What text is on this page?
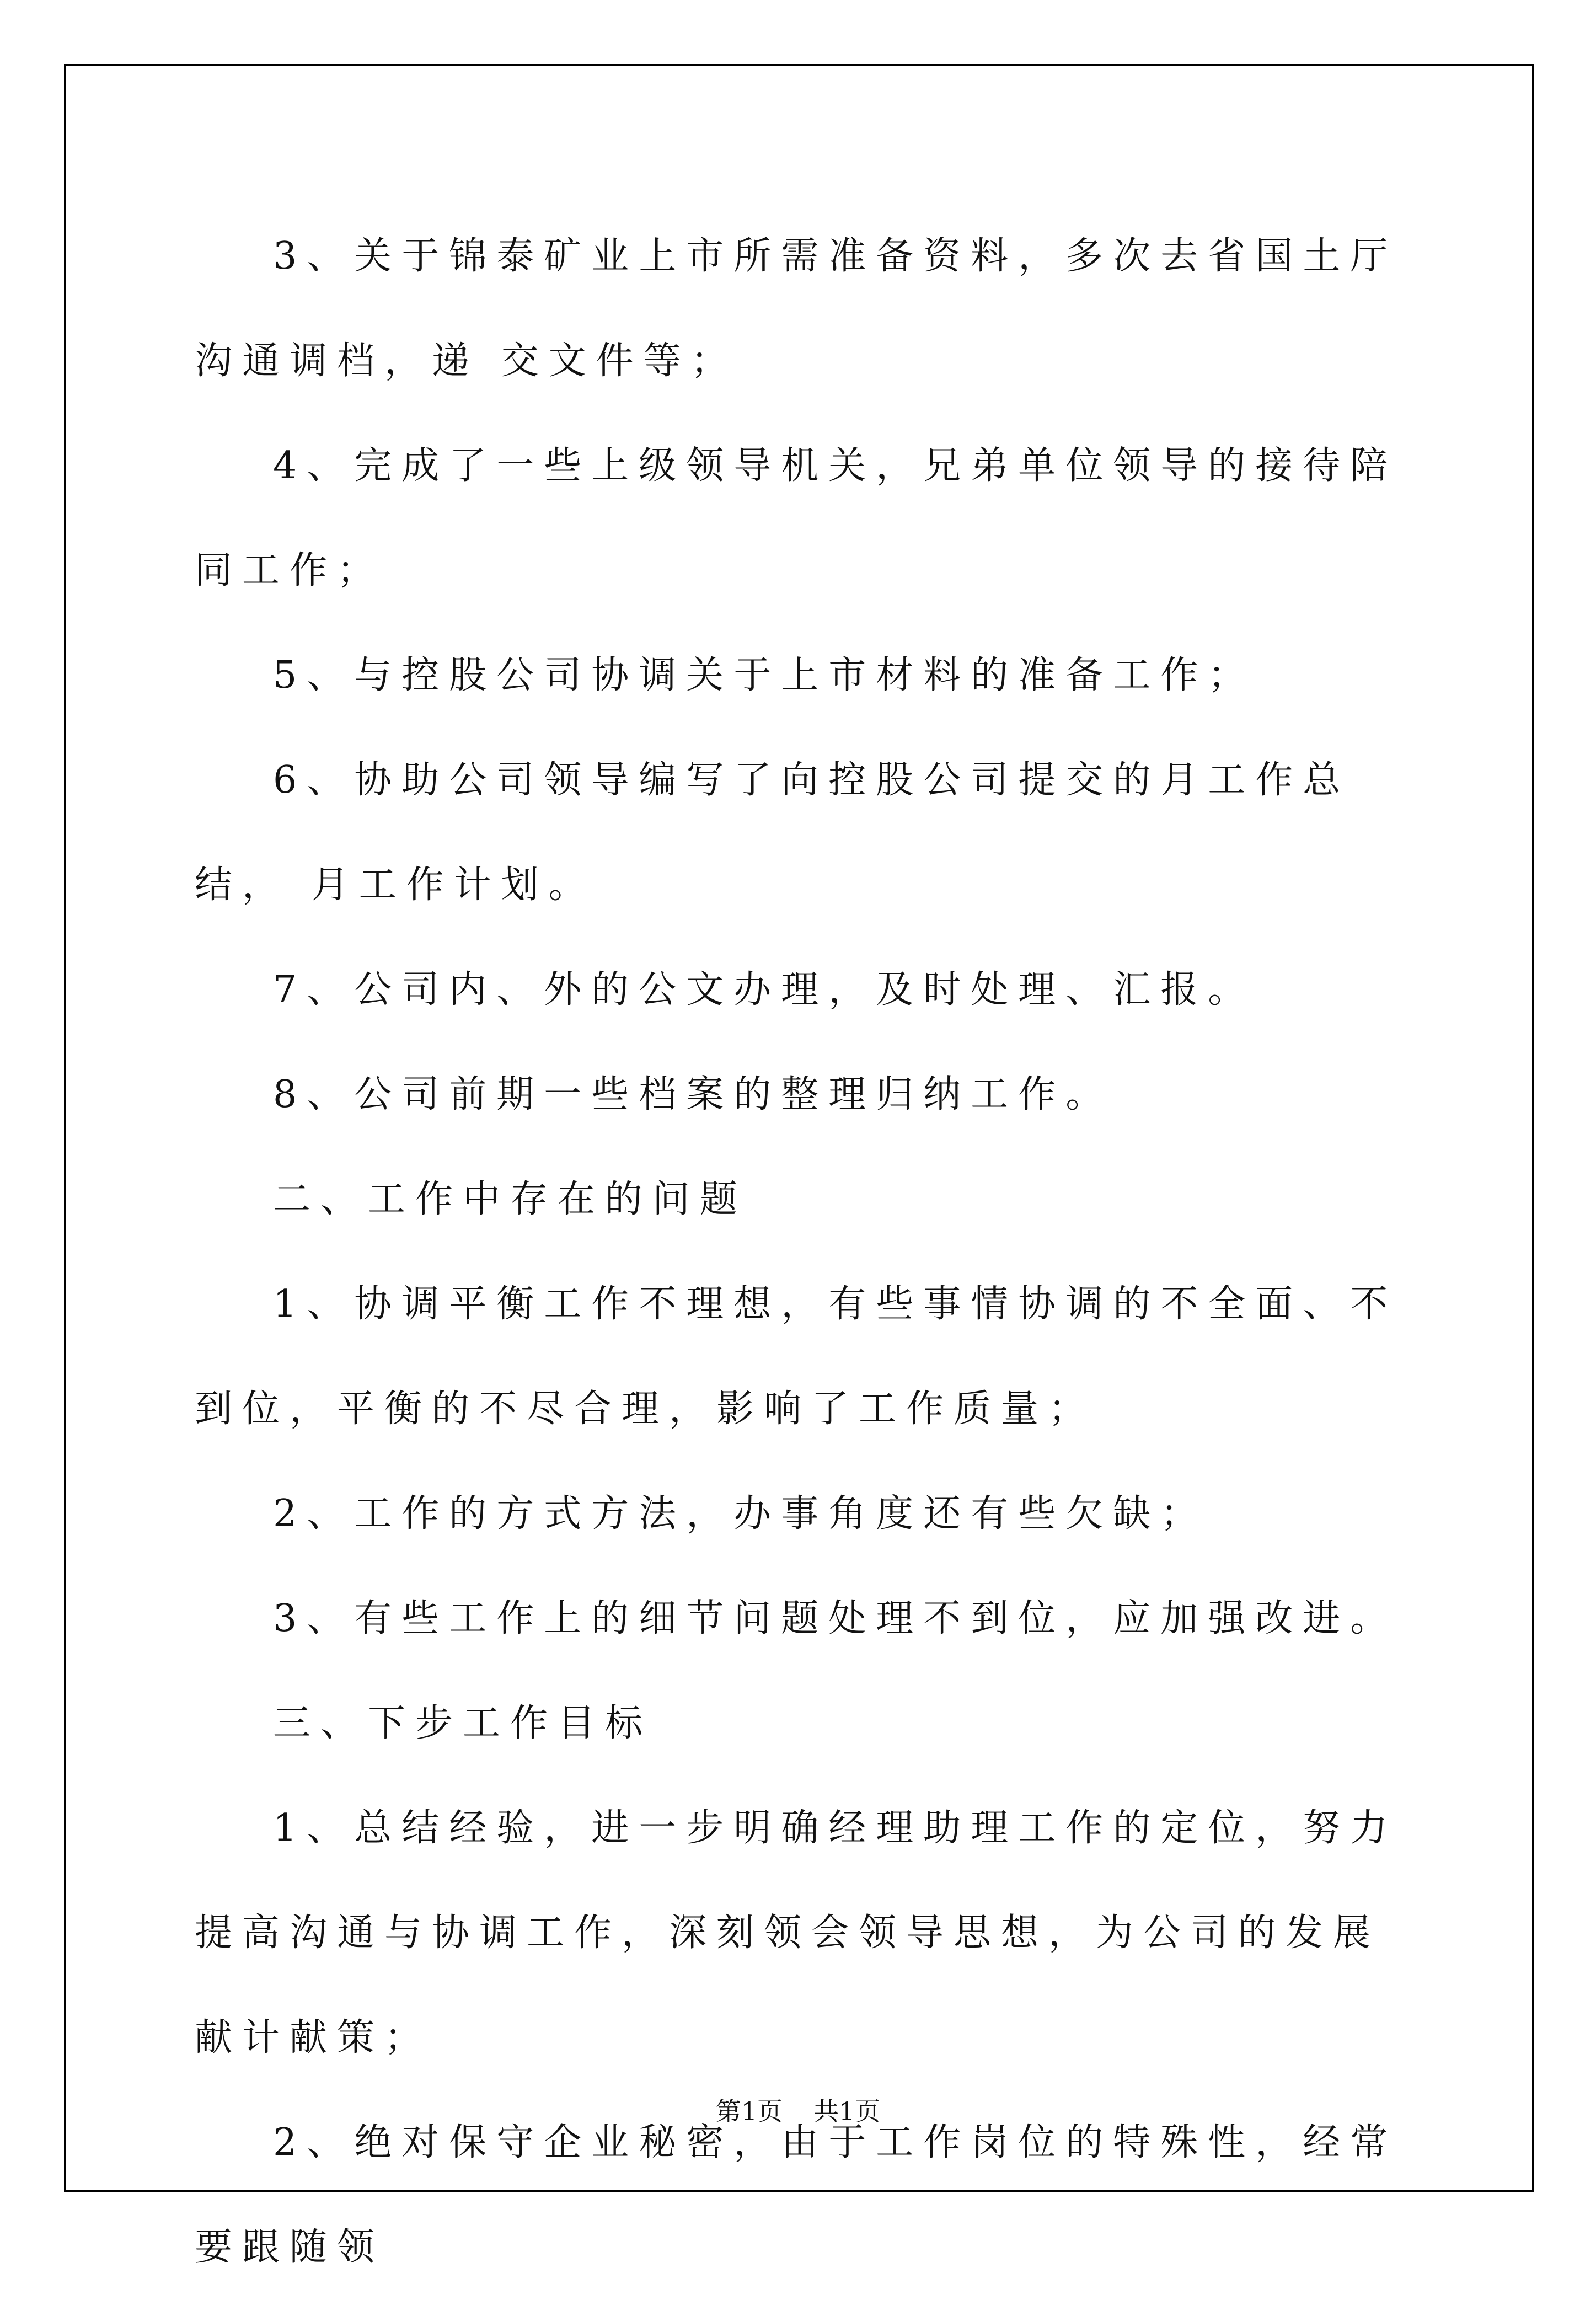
3、关于锦泰矿业上市所需准备资料，多次去省国土厅沟通调档，递 交文件等；

4、完成了一些上级领导机关，兄弟单位领导的接待陪同工作；

5、与控股公司协调关于上市材料的准备工作；

6、协助公司领导编写了向控股公司提交的月工作总结， 月工作计划。

7、公司内、外的公文办理，及时处理、汇报。

8、公司前期一些档案的整理归纳工作。

二、工作中存在的问题

1、协调平衡工作不理想，有些事情协调的不全面、不到位，平衡的不尽合理，影响了工作质量；

2、工作的方式方法，办事角度还有些欠缺；

3、有些工作上的细节问题处理不到位，应加强改进。

三、下步工作目标

1、总结经验，进一步明确经理助理工作的定位，努力提高沟通与协调工作，深刻领会领导思想，为公司的发展献计献策；

2、绝对保守企业秘密，由于工作岗位的特殊性，经常要跟随领

第1页 共1页
